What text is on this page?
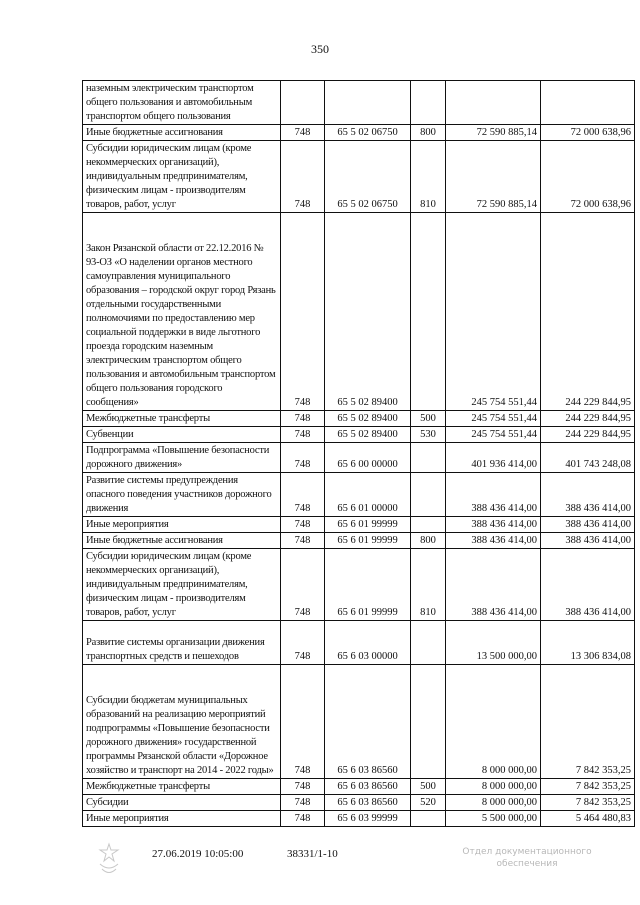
350
наземным электрическим транспортом общего пользования и автомобильным транспортом общего пользования					
Иные бюджетные ассигнования	748	65 5 02 06750	800	72 590 885,14	72 000 638,96
Субсидии юридическим лицам (кроме некоммерческих организаций), индивидуальным предпринимателям, физическим лицам - производителям товаров, работ, услуг	748	65 5 02 06750	810	72 590 885,14	72 000 638,96
Закон Рязанской области от 22.12.2016 № 93-ОЗ «О наделении органов местного самоуправления муниципального образования – городской округ город Рязань отдельными государственными полномочиями по предоставлению мер социальной поддержки в виде льготного проезда городским наземным электрическим транспортом общего пользования и автомобильным транспортом общего пользования городского сообщения»	748	65 5 02 89400		245 754 551,44	244 229 844,95
Межбюджетные трансферты	748	65 5 02 89400	500	245 754 551,44	244 229 844,95
Субвенции	748	65 5 02 89400	530	245 754 551,44	244 229 844,95
Подпрограмма «Повышение безопасности дорожного движения»	748	65 6 00 00000		401 936 414,00	401 743 248,08
Развитие системы предупреждения опасного поведения участников дорожного движения	748	65 6 01 00000		388 436 414,00	388 436 414,00
Иные мероприятия	748	65 6 01 99999		388 436 414,00	388 436 414,00
Иные бюджетные ассигнования	748	65 6 01 99999	800	388 436 414,00	388 436 414,00
Субсидии юридическим лицам (кроме некоммерческих организаций), индивидуальным предпринимателям, физическим лицам - производителям товаров, работ, услуг	748	65 6 01 99999	810	388 436 414,00	388 436 414,00
Развитие системы организации движения транспортных средств и пешеходов	748	65 6 03 00000		13 500 000,00	13 306 834,08
Субсидии бюджетам муниципальных образований на реализацию мероприятий подпрограммы «Повышение безопасности дорожного движения» государственной программы Рязанской области «Дорожное хозяйство и транспорт на 2014 - 2022 годы»	748	65 6 03 86560		8 000 000,00	7 842 353,25
Межбюджетные трансферты	748	65 6 03 86560	500	8 000 000,00	7 842 353,25
Субсидии	748	65 6 03 86560	520	8 000 000,00	7 842 353,25
Иные мероприятия	748	65 6 03 99999		5 500 000,00	5 464 480,83
27.06.2019 10:05:00	38331/1-10	Отдел документационного
обеспечения
